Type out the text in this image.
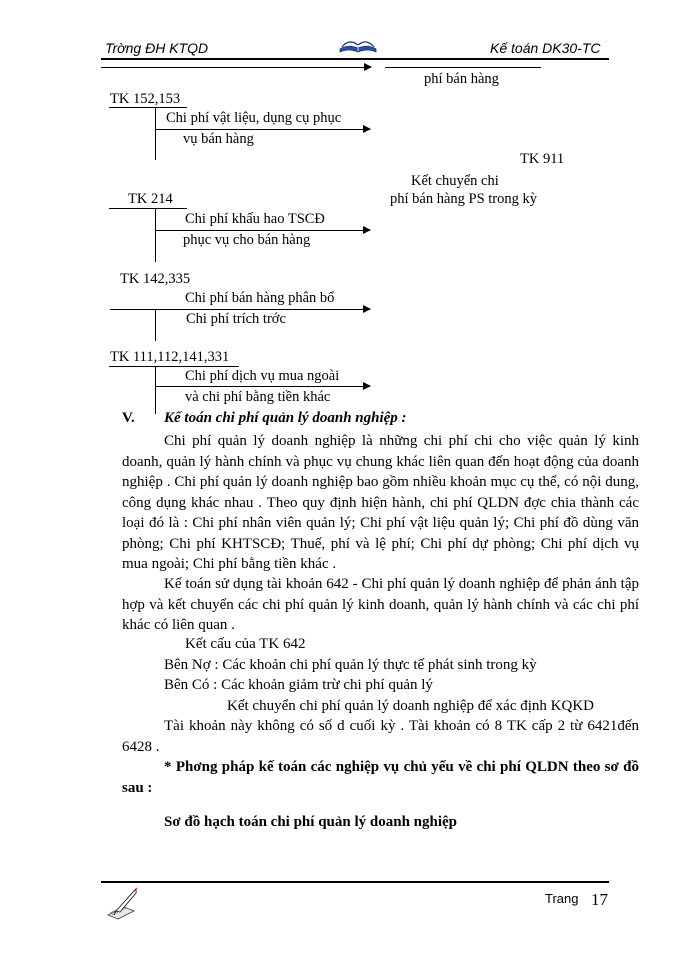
Trờng ĐH KTQD	Kế toán DK30-TC
phí bán hàng
TK 152,153
Chi phí vật liệu, dụng cụ phục
vụ bán hàng
TK 911
Kết chuyển chi
phí bán hàng PS trong kỳ
TK 214
Chi phí khấu hao TSCĐ
phục vụ cho bán hàng
TK 142,335
Chi phí bán hàng phân bổ
Chi phí trích trớc
TK 111,112,141,331
Chi phí dịch vụ mua ngoài
và chi phí bằng tiền khác
V. Kế toán chi phí quản lý doanh nghiệp :
Chi phí quản lý doanh nghiệp là những chi phí chi cho việc quản lý kinh doanh, quản lý hành chính và phục vụ chung khác liên quan đến hoạt động của doanh nghiệp . Chi phí quản lý doanh nghiệp bao gồm nhiều khoản mục cụ thể, có nội dung, công dụng khác nhau . Theo quy định hiện hành, chi phí QLDN đợc chia thành các loại đó là : Chi phí nhân viên quản lý; Chi phí vật liệu quản lý; Chi phí đồ dùng văn phòng; Chi phí KHTSCĐ; Thuế, phí và lệ phí; Chi phí dự phòng; Chi phí dịch vụ mua ngoài; Chi phí bằng tiền khác .
Kế toán sử dụng tài khoản 642 - Chi phí quản lý doanh nghiệp để phản ánh tập hợp và kết chuyển các chi phí quản lý kinh doanh, quản lý hành chính và các chi phí khác có liên quan .
Kết cấu của TK 642
Bên Nợ : Các khoản chi phí quản lý thực tế phát sinh trong kỳ
Bên Có : Các khoản giảm trừ chi phí quản lý
Kết chuyển chi phí quản lý doanh nghiệp để xác định KQKD
Tài khoản này không có số d cuối kỳ . Tài khoản có 8 TK cấp 2 từ 6421đến 6428 .
* Phơng pháp kế toán các nghiệp vụ chủ yếu về chi phí QLDN theo sơ đồ sau :
Sơ đồ hạch toán chi phí quản lý doanh nghiệp
Trang 17
